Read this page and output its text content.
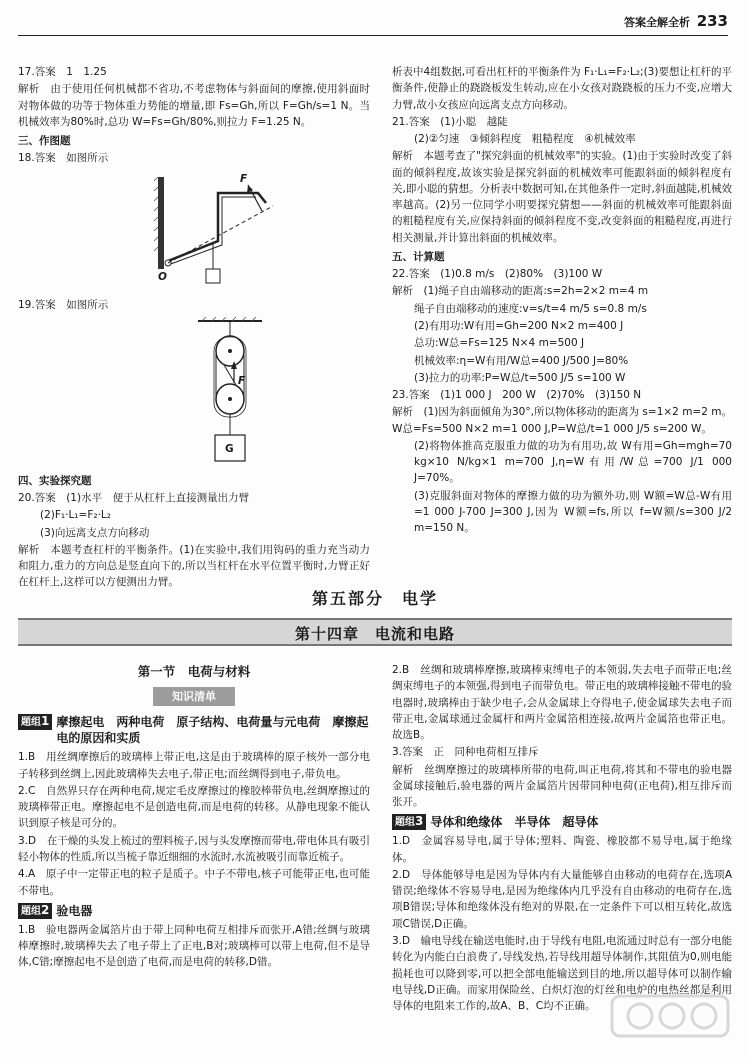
答案全解全析 233

17.答案　1　1.25

解析　由于使用任何机械都不省功,不考虑物体与斜面间的摩擦,使用斜面时对物体做的功等于物体重力势能的增量,即 Fs=Gh,所以 F=Gh/s=1 N。当机械效率为80%时,总功 W=Fs=Gh/80%,则拉力 F=1.25 N。

三、作图题

18.答案　如图所示

F
O

19.答案　如图所示

F
G

四、实验探究题

20.答案　(1)水平　便于从杠杆上直接测量出力臂

(2)F₁·L₁=F₂·L₂

(3)向远离支点方向移动

解析　本题考查杠杆的平衡条件。(1)在实验中,我们用钩码的重力充当动力和阻力,重力的方向总是竖直向下的,所以当杠杆在水平位置平衡时,力臂正好在杠杆上,这样可以方便测出力臂。

析表中4组数据,可看出杠杆的平衡条件为 F₁·L₁=F₂·L₂;(3)要想让杠杆的平衡条件,使静止的跷跷板发生转动,应在小女孩对跷跷板的压力不变,应增大力臂,故小女孩应向远离支点方向移动。

21.答案　(1)小聪　越陡

(2)②匀速　③倾斜程度　粗糙程度　④机械效率

解析　本题考查了"探究斜面的机械效率"的实验。(1)由于实验时改变了斜面的倾斜程度,故该实验是探究斜面的机械效率可能跟斜面的倾斜程度有关,即小聪的猜想。分析表中数据可知,在其他条件一定时,斜面越陡,机械效率越高。(2)另一位同学小明要探究猜想——斜面的机械效率可能跟斜面的粗糙程度有关,应保持斜面的倾斜程度不变,改变斜面的粗糙程度,再进行相关测量,并计算出斜面的机械效率。

五、计算题

22.答案　(1)0.8 m/s　(2)80%　(3)100 W

解析　(1)绳子自由端移动的距离:s=2h=2×2 m=4 m

绳子自由端移动的速度:v=s/t=4 m/5 s=0.8 m/s

(2)有用功:W有用=Gh=200 N×2 m=400 J

总功:W总=Fs=125 N×4 m=500 J

机械效率:η=W有用/W总=400 J/500 J=80%

(3)拉力的功率:P=W总/t=500 J/5 s=100 W

23.答案　(1)1 000 J　200 W　(2)70%　(3)150 N

解析　(1)因为斜面倾角为30°,所以物体移动的距离为 s=1×2 m=2 m。W总=Fs=500 N×2 m=1 000 J,P=W总/t=1 000 J/5 s=200 W。

(2)将物体推高克服重力做的功为有用功,故 W有用=Gh=mgh=70 kg×10 N/kg×1 m=700 J,η=W有用/W总=700 J/1 000 J=70%。

(3)克服斜面对物体的摩擦力做的功为额外功,则 W额=W总-W有用=1 000 J-700 J=300 J,因为 W额=fs,所以 f=W额/s=300 J/2 m=150 N。

第五部分　电学
第十四章　电流和电路
第一节　电荷与材料
知识清单
题组1 摩擦起电　两种电荷　原子结构、电荷量与元电荷　摩擦起电的原因和实质

1.B　用丝绸摩擦后的玻璃棒上带正电,这是由于玻璃棒的原子核外一部分电子转移到丝绸上,因此玻璃棒失去电子,带正电;而丝绸得到电子,带负电。

2.C　自然界只存在两种电荷,规定毛皮摩擦过的橡胶棒带负电,丝绸摩擦过的玻璃棒带正电。摩擦起电不是创造电荷,而是电荷的转移。从静电现象不能认识到原子核是可分的。

3.D　在干燥的头发上梳过的塑料梳子,因与头发摩擦而带电,带电体具有吸引轻小物体的性质,所以当梳子靠近细细的水流时,水流被吸引而靠近梳子。

4.A　原子中一定带正电的粒子是质子。中子不带电,核子可能带正电,也可能不带电。

题组2 验电器

1.B　验电器两金属箔片由于带上同种电荷互相排斥而张开,A错;丝绸与玻璃棒摩擦时,玻璃棒失去了电子带上了正电,B对;玻璃棒可以带上电荷,但不是导体,C错;摩擦起电不是创造了电荷,而是电荷的转移,D错。

2.B　丝绸和玻璃棒摩擦,玻璃棒束缚电子的本领弱,失去电子而带正电;丝绸束缚电子的本领强,得到电子而带负电。带正电的玻璃棒接触不带电的验电器时,玻璃棒由于缺少电子,会从金属球上夺得电子,使金属球失去电子而带正电,金属球通过金属杆和两片金属箔相连接,故两片金属箔也带正电。故选B。

3.答案　正　同种电荷相互排斥

解析　丝绸摩擦过的玻璃棒所带的电荷,叫正电荷,将其和不带电的验电器金属球接触后,验电器的两片金属箔片因带同种电荷(正电荷),相互排斥而张开。

题组3 导体和绝缘体　半导体　超导体

1.D　金属容易导电,属于导体;塑料、陶瓷、橡胶都不易导电,属于绝缘体。

2.D　导体能够导电是因为导体内有大量能够自由移动的电荷存在,选项A错误;绝缘体不容易导电,是因为绝缘体内几乎没有自由移动的电荷存在,选项B错误;导体和绝缘体没有绝对的界限,在一定条件下可以相互转化,故选项C错误,D正确。

3.D　输电导线在输送电能时,由于导线有电阻,电流通过时总有一部分电能转化为内能白白浪费了,导线发热,若导线用超导体制作,其阻值为0,则电能损耗也可以降到零,可以把全部电能输送到目的地,所以超导体可以制作输电导线,D正确。而家用保险丝、白炽灯泡的灯丝和电炉的电热丝都是利用导体的电阻来工作的,故A、B、C均不正确。
